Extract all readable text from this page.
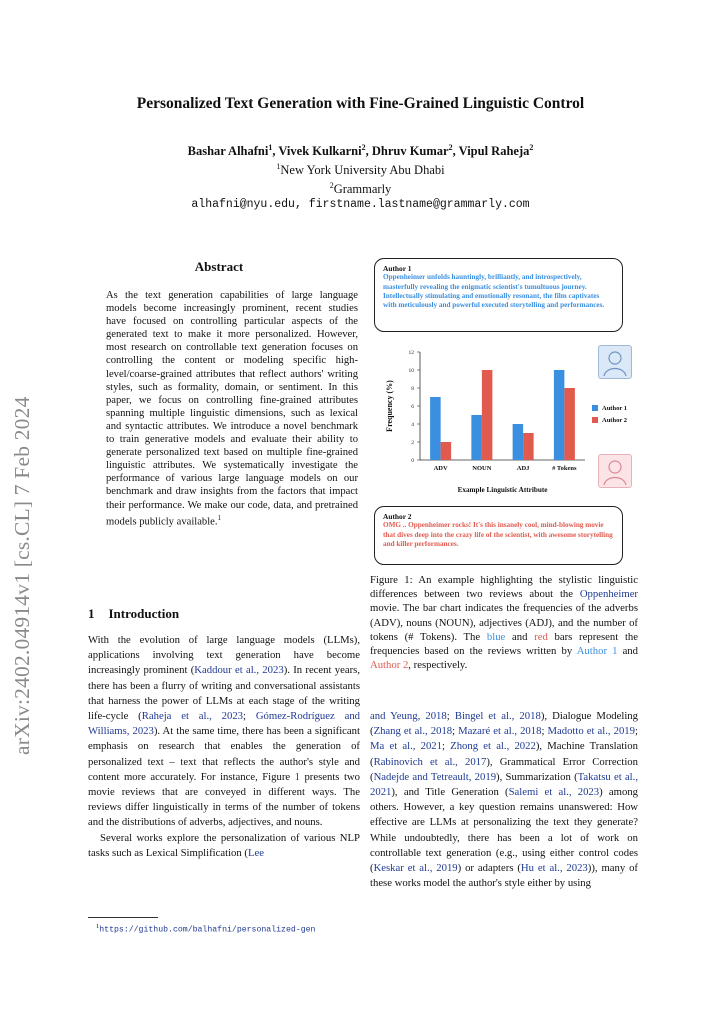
arXiv:2402.04914v1 [cs.CL] 7 Feb 2024
Personalized Text Generation with Fine-Grained Linguistic Control
Bashar Alhafni$^1$, Vivek Kulkarni$^2$, Dhruv Kumar$^2$, Vipul Raheja$^2$
$^1$New York University Abu Dhabi
$^2$Grammarly
alhafni@nyu.edu, firstname.lastname@grammarly.com
Abstract
As the text generation capabilities of large language models become increasingly prominent, recent studies have focused on controlling particular aspects of the generated text to make it more personalized. However, most research on controllable text generation focuses on controlling the content or modeling specific high-level/coarse-grained attributes that reflect authors' writing styles, such as formality, domain, or sentiment. In this paper, we focus on controlling fine-grained attributes spanning multiple linguistic dimensions, such as lexical and syntactic attributes. We introduce a novel benchmark to train generative models and evaluate their ability to generate personalized text based on multiple fine-grained linguistic attributes. We systematically investigate the performance of various large language models on our benchmark and draw insights from the factors that impact their performance. We make our code, data, and pretrained models publicly available.$^1$
1 Introduction

With the evolution of large language models (LLMs), applications involving text generation have become increasingly prominent (Kaddour et al., 2023). In recent years, there has been a flurry of writing and conversational assistants that harness the power of LLMs at each stage of the writing life-cycle (Raheja et al., 2023; Gómez-Rodríguez and Williams, 2023). At the same time, there has been a significant emphasis on research that enables the generation of personalized text – text that reflects the author's style and content more accurately. For instance, Figure 1 presents two movie reviews that are conveyed in different ways. The reviews differ linguistically in terms of the number of tokens and the distributions of adverbs, adjectives, and nouns.

Several works explore the personalization of various NLP tasks such as Lexical Simplification (Lee

and Yeung, 2018; Bingel et al., 2018), Dialogue Modeling (Zhang et al., 2018; Mazaré et al., 2018; Madotto et al., 2019; Ma et al., 2021; Zhong et al., 2022), Machine Translation (Rabinovich et al., 2017), Grammatical Error Correction (Nadejde and Tetreault, 2019), Summarization (Takatsu et al., 2021), and Title Generation (Salemi et al., 2023) among others. However, a key question remains unanswered: How effective are LLMs at personalizing the text they generate? While undoubtedly, there has been a lot of work on controllable text generation (e.g., using either control codes (Keskar et al., 2019) or adapters (Hu et al., 2023)), many of these works model the author's style either by using

$^1$https://github.com/balhafni/personalized-gen
Author 1
Oppenheimer unfolds hauntingly, brilliantly, and introspectively, masterfully revealing the enigmatic scientist's tumultuous journey. Intellectually stimulating and emotionally resonant, the film captivates with meticulously and powerful executed storytelling and performances.
0
2
4
6
8
10
12
ADV	NOUN	ADJ	# Tokens
Example Linguistic Attribute
Frequency (%)	Author 1
Author 2
Author 2
OMG .. Oppenheimer rocks! It's this insanely cool, mind-blowing movie that dives deep into the crazy life of the scientist, with awesome storytelling and killer performances.
Figure 1: An example highlighting the stylistic linguistic differences between two reviews about the Oppenheimer movie. The bar chart indicates the frequencies of the adverbs (ADV), nouns (NOUN), adjectives (ADJ), and the number of tokens (# Tokens). The blue and red bars represent the frequencies based on the reviews written by Author 1 and Author 2, respectively.
